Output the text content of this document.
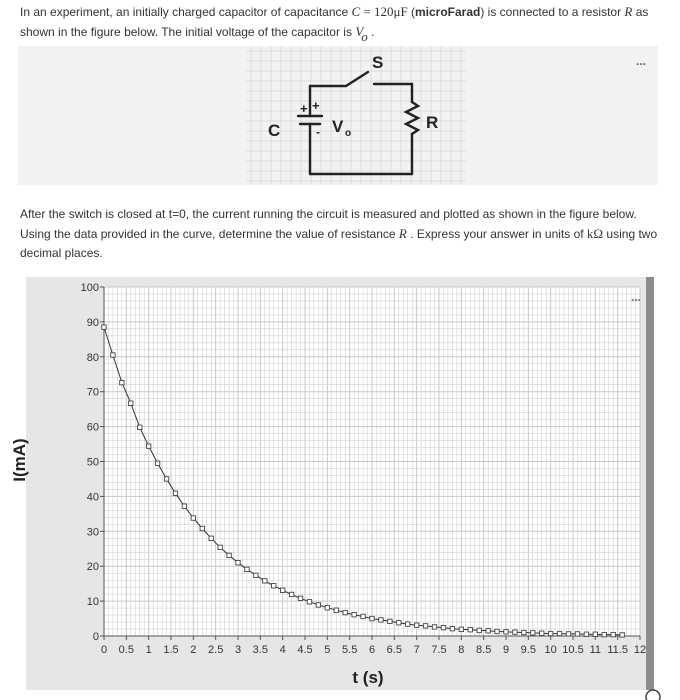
In an experiment, an initially charged capacitor of capacitance C = 120μF (microFarad) is connected to a resistor R as shown in the figure below. The initial voltage of the capacitor is Vo .
...
S
C
+ +
- V o
R
After the switch is closed at t=0, the current running the circuit is measured and plotted as shown in the figure below. Using the data provided in the curve, determine the value of resistance R . Express your answer in units of kΩ using two decimal places.
0
10
20
30
40
50
60
70
80
90
100
0 0.5 1 1.5 2 2.5 3 3.5 4 4.5 5 5.5 6 6.5 7 7.5 8 8.5 9 9.5 10 10.5 11 11.5 12
...
I(mA)
t (s)
